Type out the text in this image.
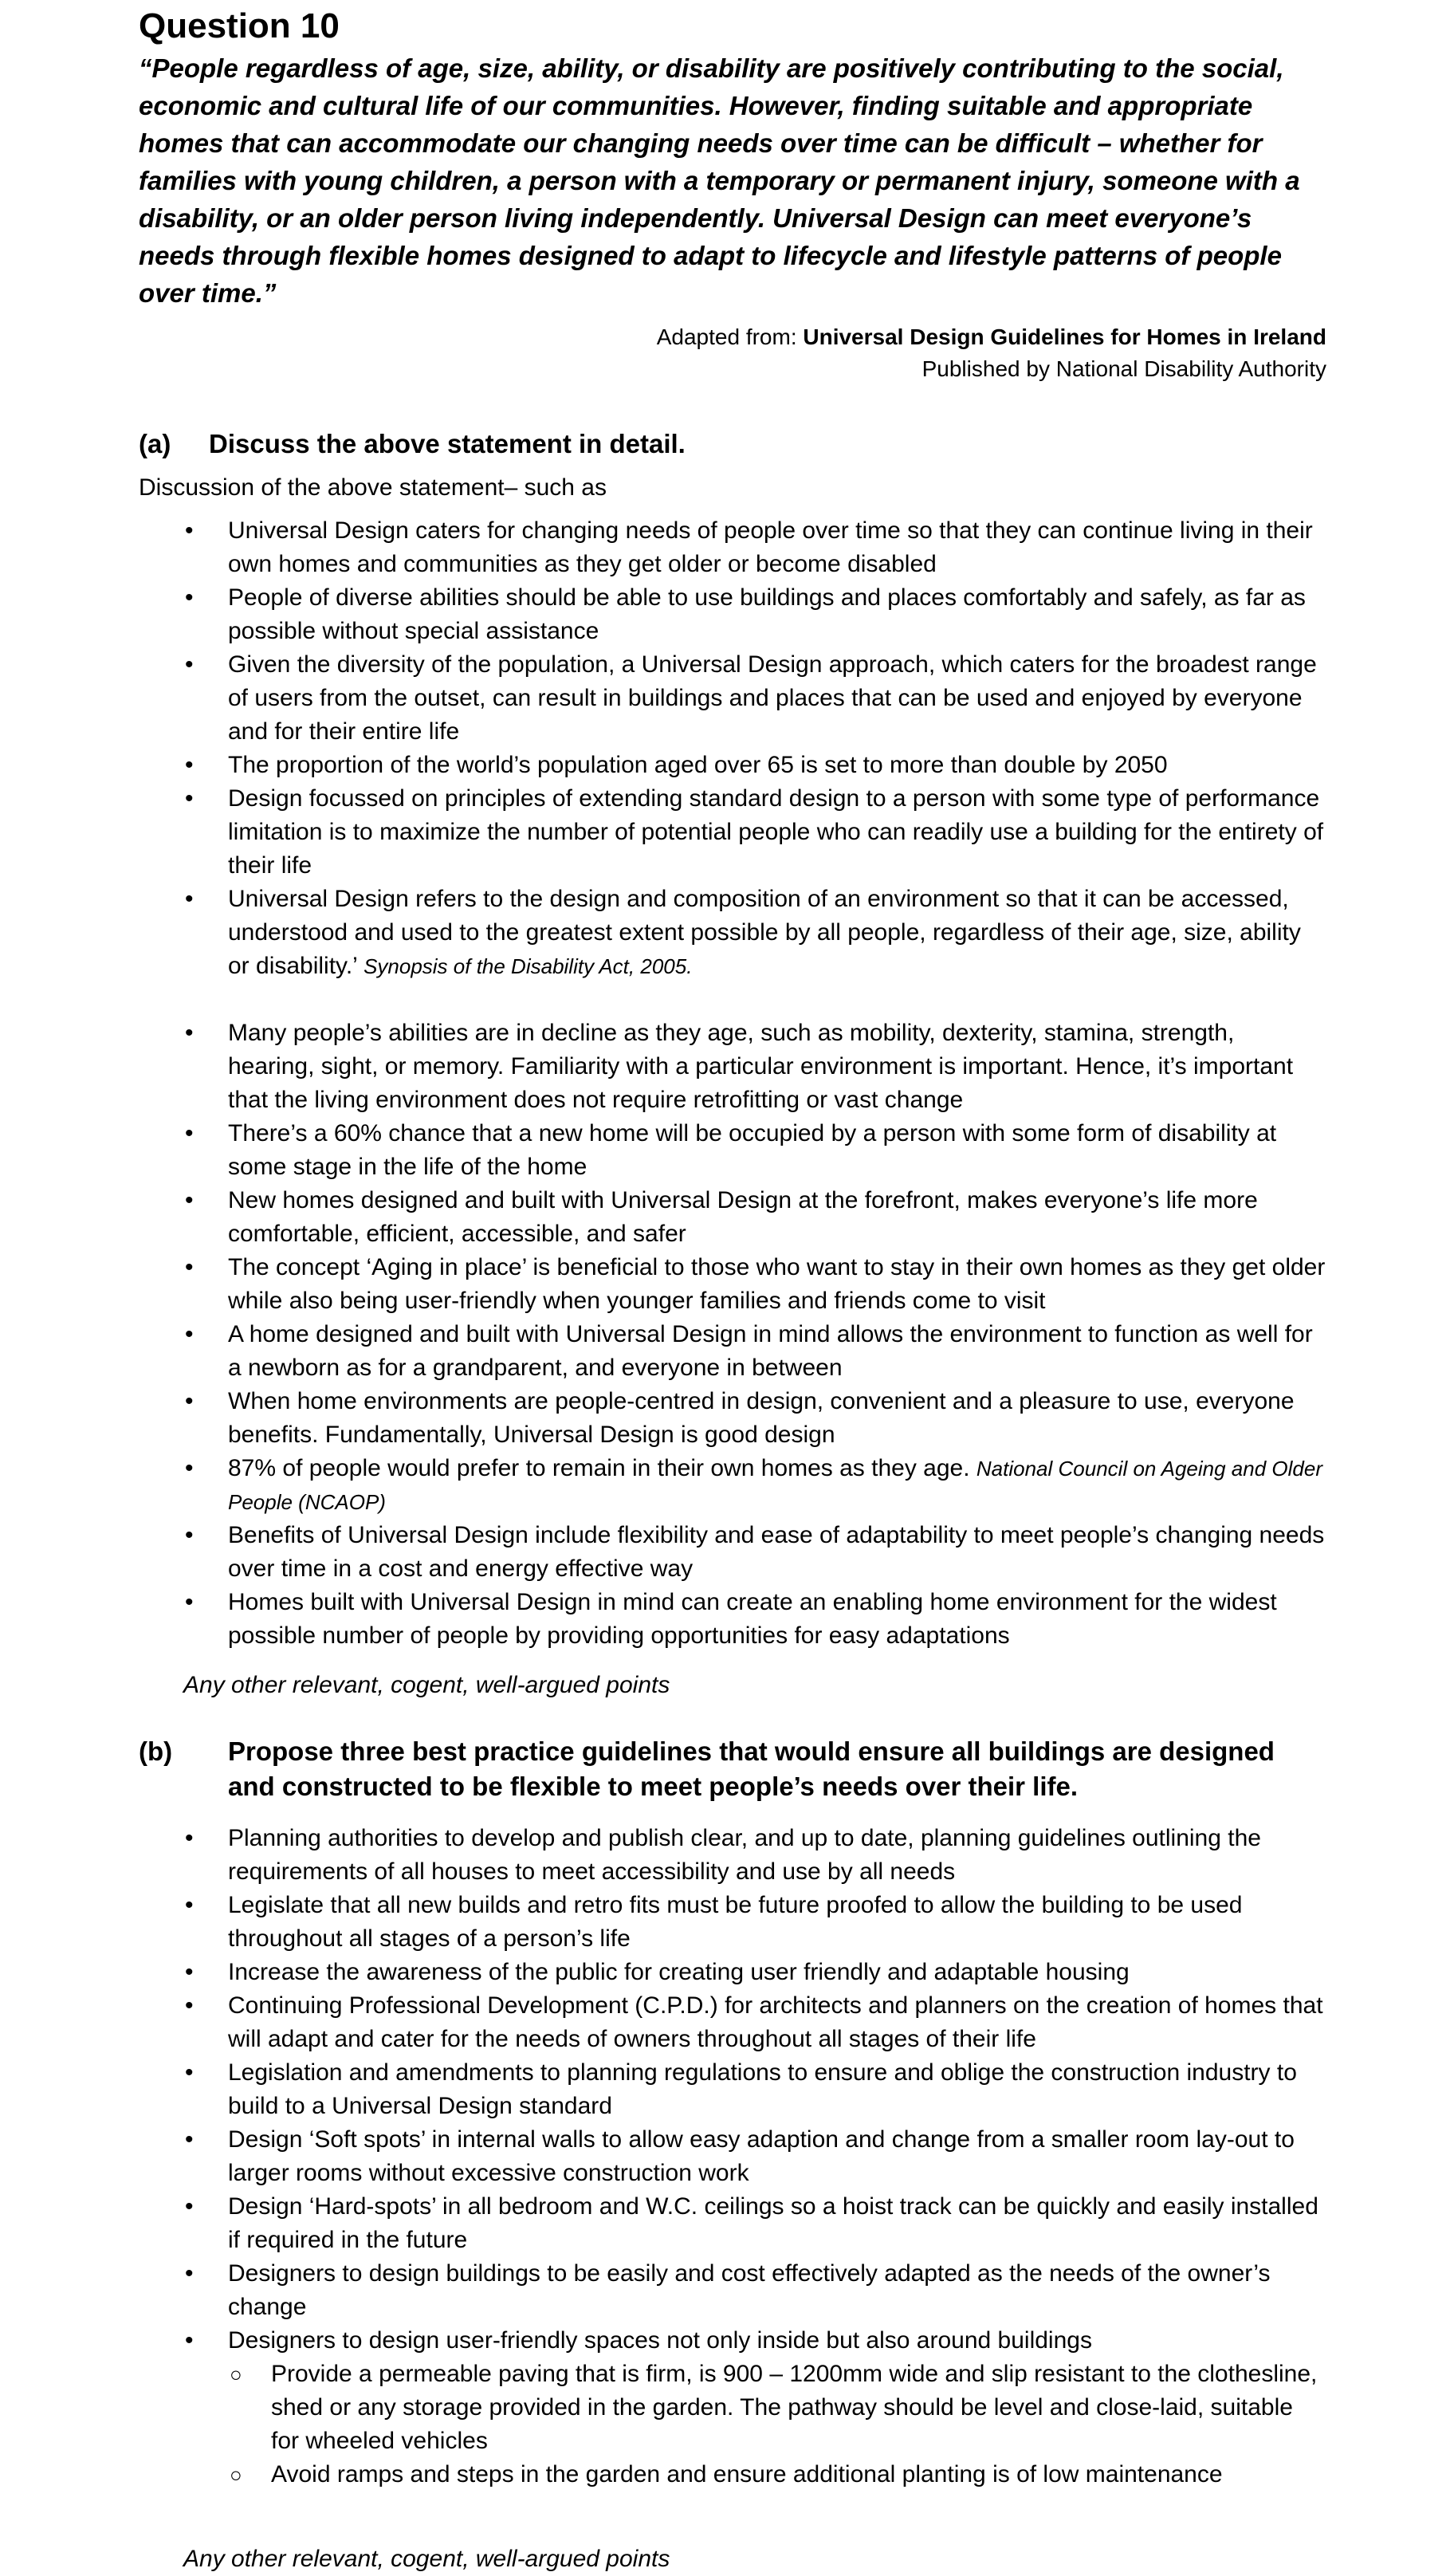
Question 10
“People regardless of age, size, ability, or disability are positively contributing to the social, economic and cultural life of our communities. However, finding suitable and appropriate homes that can accommodate our changing needs over time can be difficult – whether for families with young children, a person with a temporary or permanent injury, someone with a disability, or an older person living independently. Universal Design can meet everyone’s needs through flexible homes designed to adapt to lifecycle and lifestyle patterns of people over time.”
Adapted from: Universal Design Guidelines for Homes in Ireland
Published by National Disability Authority
(a)	Discuss the above statement in detail.
Discussion of the above statement– such as
• Universal Design caters for changing needs of people over time so that they can continue living in their own homes and communities as they get older or become disabled
• People of diverse abilities should be able to use buildings and places comfortably and safely, as far as possible without special assistance
• Given the diversity of the population, a Universal Design approach, which caters for the broadest range of users from the outset, can result in buildings and places that can be used and enjoyed by everyone and for their entire life
• The proportion of the world’s population aged over 65 is set to more than double by 2050
• Design focussed on principles of extending standard design to a person with some type of performance limitation is to maximize the number of potential people who can readily use a building for the entirety of their life
• Universal Design refers to the design and composition of an environment so that it can be accessed, understood and used to the greatest extent possible by all people, regardless of their age, size, ability or disability.’ Synopsis of the Disability Act, 2005.
• Many people’s abilities are in decline as they age, such as mobility, dexterity, stamina, strength, hearing, sight, or memory. Familiarity with a particular environment is important. Hence, it’s important that the living environment does not require retrofitting or vast change
• There’s a 60% chance that a new home will be occupied by a person with some form of disability at some stage in the life of the home
• New homes designed and built with Universal Design at the forefront, makes everyone’s life more comfortable, efficient, accessible, and safer
• The concept ‘Aging in place’ is beneficial to those who want to stay in their own homes as they get older while also being user-friendly when younger families and friends come to visit
• A home designed and built with Universal Design in mind allows the environment to function as well for a newborn as for a grandparent, and everyone in between
• When home environments are people-centred in design, convenient and a pleasure to use, everyone benefits. Fundamentally, Universal Design is good design
• 87% of people would prefer to remain in their own homes as they age. National Council on Ageing and Older People (NCAOP)
• Benefits of Universal Design include flexibility and ease of adaptability to meet people’s changing needs over time in a cost and energy effective way
• Homes built with Universal Design in mind can create an enabling home environment for the widest possible number of people by providing opportunities for easy adaptations
Any other relevant, cogent, well-argued points
(b)	Propose three best practice guidelines that would ensure all buildings are designed and constructed to be flexible to meet people’s needs over their life.
• Planning authorities to develop and publish clear, and up to date, planning guidelines outlining the requirements of all houses to meet accessibility and use by all needs
• Legislate that all new builds and retro fits must be future proofed to allow the building to be used throughout all stages of a person’s life
• Increase the awareness of the public for creating user friendly and adaptable housing
• Continuing Professional Development (C.P.D.) for architects and planners on the creation of homes that will adapt and cater for the needs of owners throughout all stages of their life
• Legislation and amendments to planning regulations to ensure and oblige the construction industry to build to a Universal Design standard
• Design ‘Soft spots’ in internal walls to allow easy adaption and change from a smaller room lay-out to larger rooms without excessive construction work
• Design ‘Hard-spots’ in all bedroom and W.C. ceilings so a hoist track can be quickly and easily installed if required in the future
• Designers to design buildings to be easily and cost effectively adapted as the needs of the owner’s change
• Designers to design user-friendly spaces not only inside but also around buildings
○ Provide a permeable paving that is firm, is 900 – 1200mm wide and slip resistant to the clothesline, shed or any storage provided in the garden. The pathway should be level and close-laid, suitable for wheeled vehicles
○ Avoid ramps and steps in the garden and ensure additional planting is of low maintenance
Any other relevant, cogent, well-argued points
